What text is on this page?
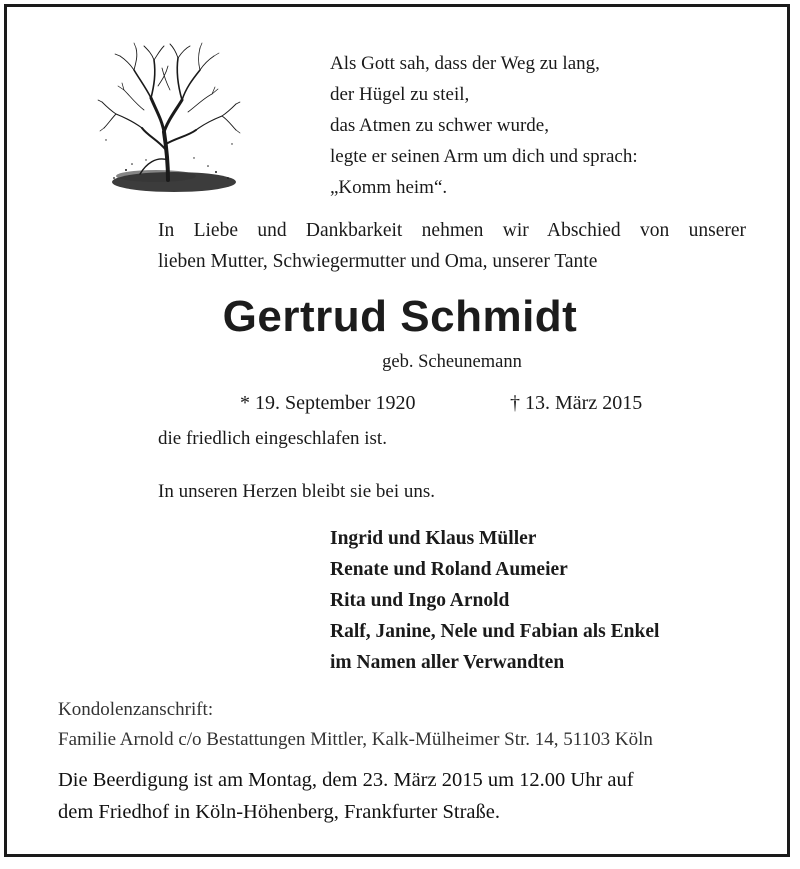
Als Gott sah, dass der Weg zu lang,
der Hügel zu steil,
das Atmen zu schwer wurde,
legte er seinen Arm um dich und sprach:
„Komm heim“.
In Liebe und Dankbarkeit nehmen wir Abschied von unserer
lieben Mutter, Schwiegermutter und Oma, unserer Tante
Gertrud Schmidt
geb. Scheunemann
* 19. September 1920	† 13. März 2015
die friedlich eingeschlafen ist.
In unseren Herzen bleibt sie bei uns.
Ingrid und Klaus Müller
Renate und Roland Aumeier
Rita und Ingo Arnold
Ralf, Janine, Nele und Fabian als Enkel
im Namen aller Verwandten
Kondolenzanschrift:
Familie Arnold c/o Bestattungen Mittler, Kalk-Mülheimer Str. 14, 51103 Köln
Die Beerdigung ist am Montag, dem 23. März 2015 um 12.00 Uhr auf
dem Friedhof in Köln-Höhenberg, Frankfurter Straße.
